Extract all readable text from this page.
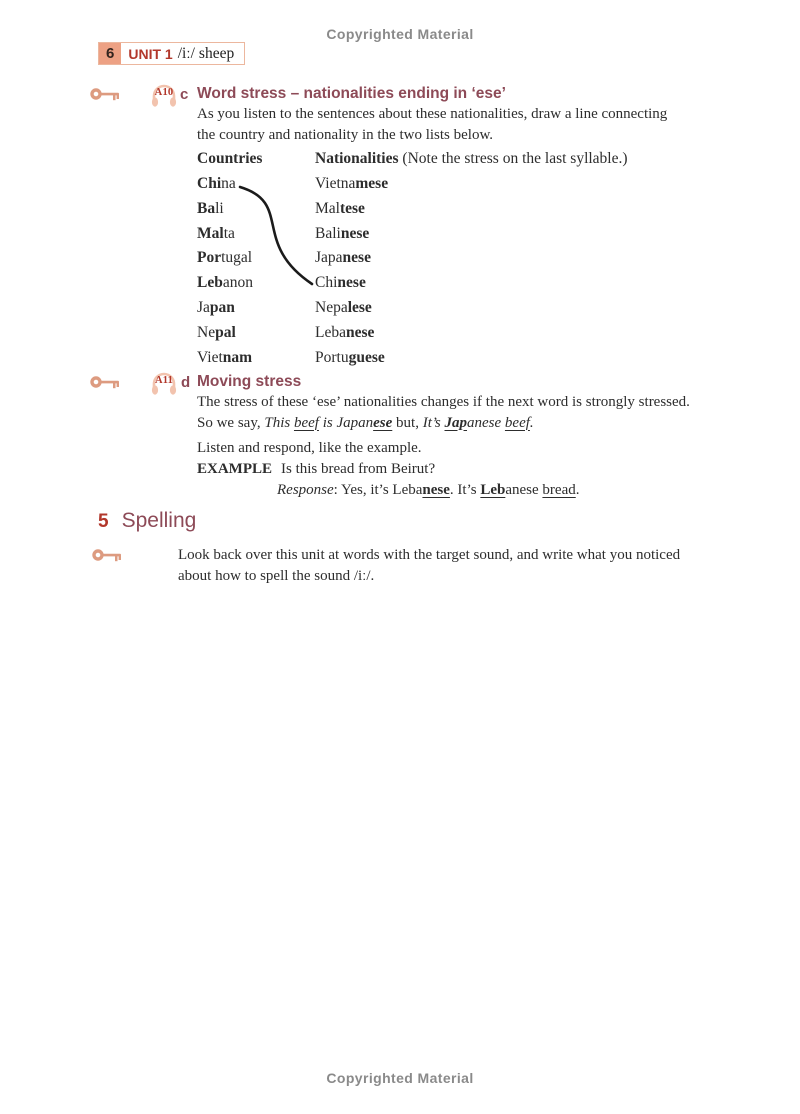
Copyrighted Material
6	UNIT 1 /iː/ sheep
A10 c Word stress – nationalities ending in ‘ese’
As you listen to the sentences about these nationalities, draw a line connecting the country and nationality in the two lists below.
Countries	Nationalities (Note the stress on the last syllable.)
China
Bali
Malta
Portugal
Lebanon
Japan
Nepal
Vietnam
Vietnamese
Maltese
Balinese
Japanese
Chinese
Nepalese
Lebanese
Portuguese
A11 d Moving stress
The stress of these ‘ese’ nationalities changes if the next word is strongly stressed. So we say, This beef is Japanese but, It’s Japanese beef.
Listen and respond, like the example.
EXAMPLE Is this bread from Beirut?
Response: Yes, it’s Lebanese. It’s Lebanese bread.
5 Spelling
Look back over this unit at words with the target sound, and write what you noticed about how to spell the sound /iː/.
Copyrighted Material
